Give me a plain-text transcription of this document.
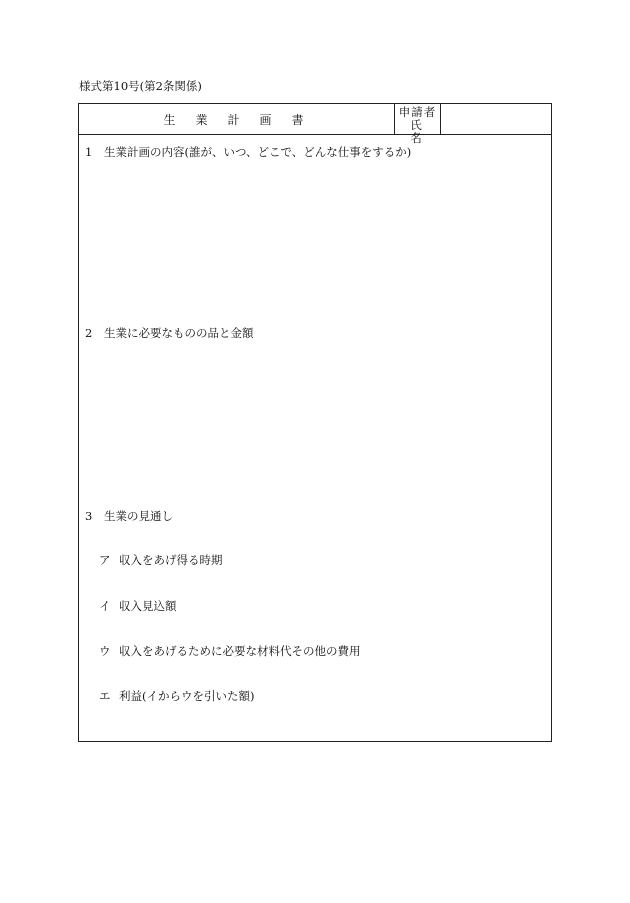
様式第10号(第2条関係)
生業計画書
申請者
氏名
1 生業計画の内容(誰が、いつ、どこで、どんな仕事をするか)
2 生業に必要なものの品と金額
3 生業の見通し
ア 収入をあげ得る時期
イ 収入見込額
ウ 収入をあげるために必要な材料代その他の費用
エ 利益(イからウを引いた額)
